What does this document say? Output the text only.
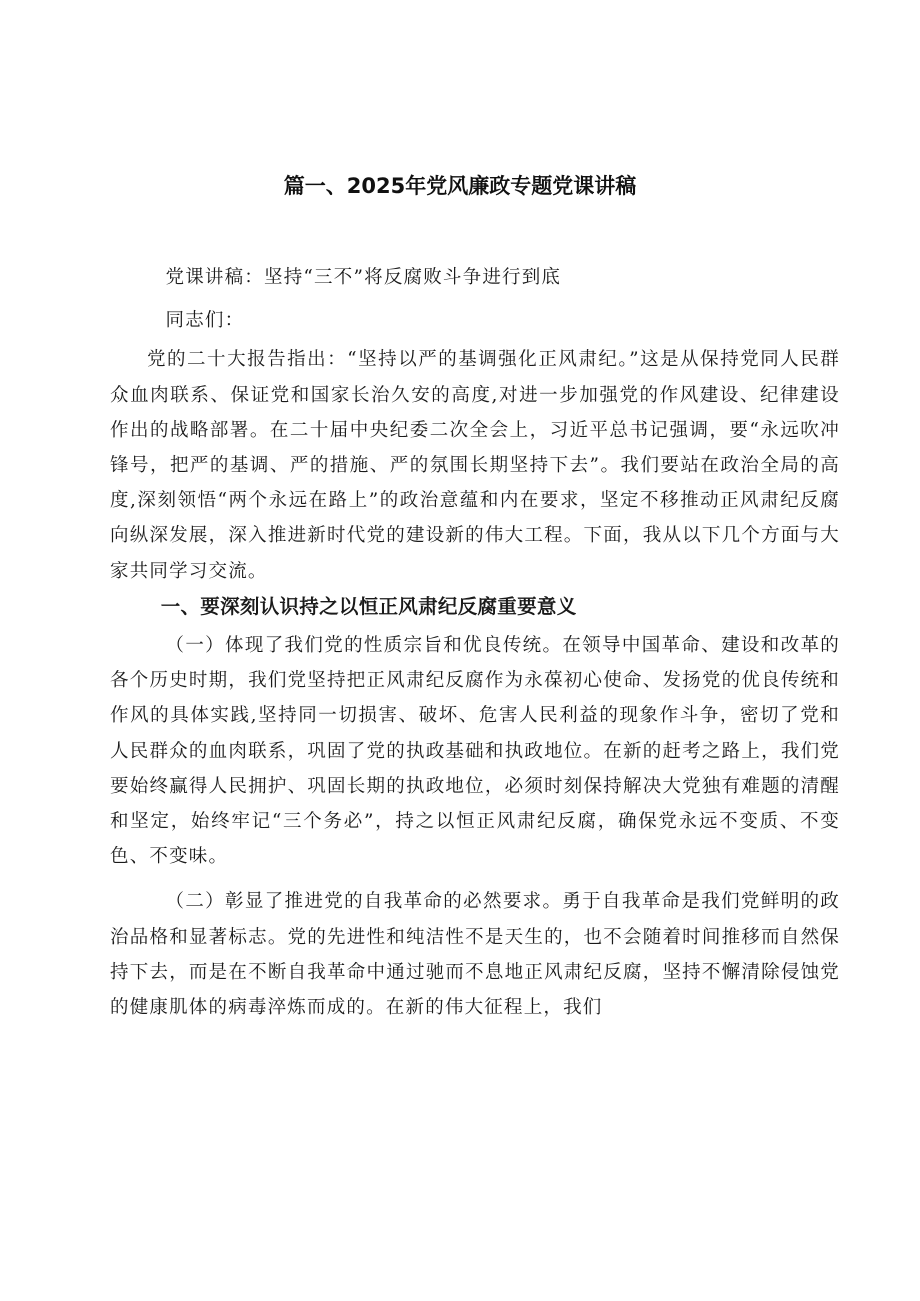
篇一、2025年党风廉政专题党课讲稿

党课讲稿：坚持“三不”将反腐败斗争进行到底

同志们：

党的二十大报告指出：“坚持以严的基调强化正风肃纪。”这是从保持党同人民群众血肉联系、保证党和国家长治久安的高度,对进一步加强党的作风建设、纪律建设作出的战略部署。在二十届中央纪委二次全会上，习近平总书记强调，要“永远吹冲锋号，把严的基调、严的措施、严的氛围长期坚持下去”。我们要站在政治全局的高度,深刻领悟“两个永远在路上”的政治意蕴和内在要求，坚定不移推动正风肃纪反腐向纵深发展，深入推进新时代党的建设新的伟大工程。下面，我从以下几个方面与大家共同学习交流。

一、要深刻认识持之以恒正风肃纪反腐重要意义

（一）体现了我们党的性质宗旨和优良传统。在领导中国革命、建设和改革的各个历史时期，我们党坚持把正风肃纪反腐作为永葆初心使命、发扬党的优良传统和作风的具体实践,坚持同一切损害、破坏、危害人民利益的现象作斗争，密切了党和人民群众的血肉联系，巩固了党的执政基础和执政地位。在新的赶考之路上，我们党要始终赢得人民拥护、巩固长期的执政地位，必须时刻保持解决大党独有难题的清醒和坚定，始终牢记“三个务必”，持之以恒正风肃纪反腐，确保党永远不变质、不变色、不变味。

（二）彰显了推进党的自我革命的必然要求。勇于自我革命是我们党鲜明的政治品格和显著标志。党的先进性和纯洁性不是天生的，也不会随着时间推移而自然保持下去，而是在不断自我革命中通过驰而不息地正风肃纪反腐，坚持不懈清除侵蚀党的健康肌体的病毒淬炼而成的。在新的伟大征程上，我们
